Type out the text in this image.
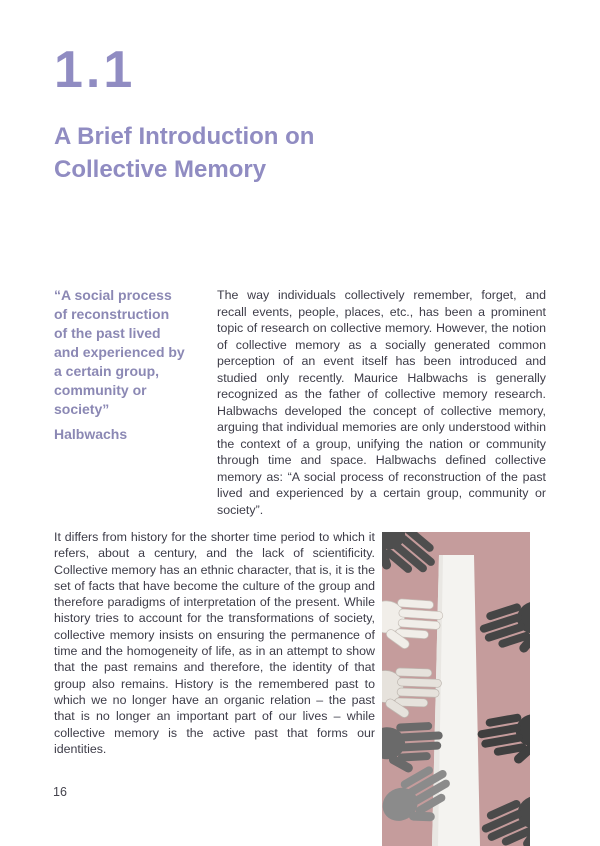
1.1
A Brief Introduction on
Collective Memory
“A social process of reconstruction of the past lived and experienced by a certain group, community or society”
Halbwachs
The way individuals collectively remember, forget, and recall events, people, places, etc., has been a prominent topic of research on collective memory. However, the notion of collective memory as a socially generated common perception of an event itself has been introduced and studied only recently. Maurice Halbwachs is generally recognized as the father of collective memory research. Halbwachs developed the concept of collective memory, arguing that individual memories are only understood within the context of a group, unifying the nation or community through time and space. Halbwachs defined collective memory as: “A social process of reconstruction of the past lived and experienced by a certain group, community or society”.
It differs from history for the shorter time period to which it refers, about a century, and the lack of scientificity. Collective memory has an ethnic character, that is, it is the set of facts that have become the culture of the group and therefore paradigms of interpretation of the present. While history tries to account for the transformations of society, collective memory insists on ensuring the permanence of time and the homogeneity of life, as in an attempt to show that the past remains and therefore, the identity of that group also remains. History is the remembered past to which we no longer have an organic relation – the past that is no longer an important part of our lives – while collective memory is the active past that forms our identities.
16
